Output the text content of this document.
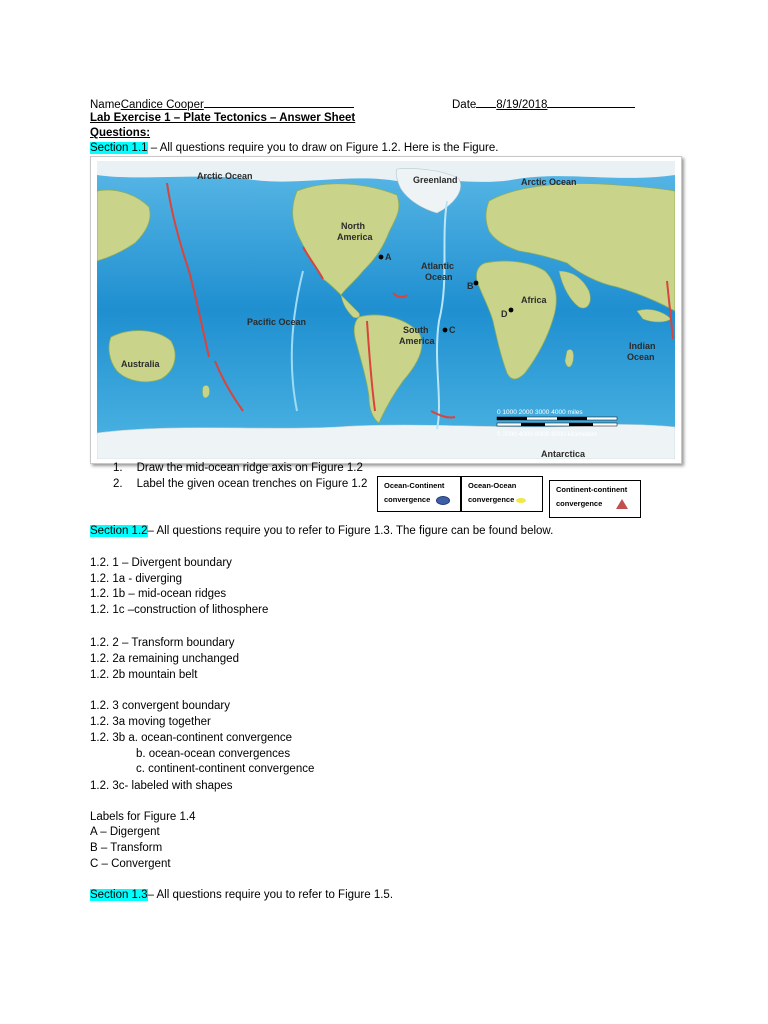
NameCandice Cooper	Date 8/19/2018
Lab Exercise 1 – Plate Tectonics – Answer Sheet
Questions:
Section 1.1 – All questions require you to draw on Figure 1.2. Here is the Figure.
Arctic Ocean	Greenland	Arctic Ocean
North
America
Atlantic
Ocean
Africa
Pacific Ocean
South
America	Indian
Ocean
Australia
Antarctica
A
B
C
D
0 1000 2000 3000 4000 miles
0 2000 4000 6000 8000 kilometers
1. Draw the mid-ocean ridge axis on Figure 1.2
2. Label the given ocean trenches on Figure 1.2 Ocean-Continent
convergence
Ocean-Ocean
convergence
Continent-continent
convergence
Section 1.2– All questions require you to refer to Figure 1.3. The figure can be found below.
1.2. 1 – Divergent boundary
1.2. 1a - diverging
1.2. 1b – mid-ocean ridges
1.2. 1c –construction of lithosphere
1.2. 2 – Transform boundary
1.2. 2a remaining unchanged
1.2. 2b mountain belt
1.2. 3 convergent boundary
1.2. 3a moving together
1.2. 3b a. ocean-continent convergence
b. ocean-ocean convergences
c. continent-continent convergence
1.2. 3c- labeled with shapes
Labels for Figure 1.4
A – Digergent
B – Transform
C – Convergent
Section 1.3– All questions require you to refer to Figure 1.5.
